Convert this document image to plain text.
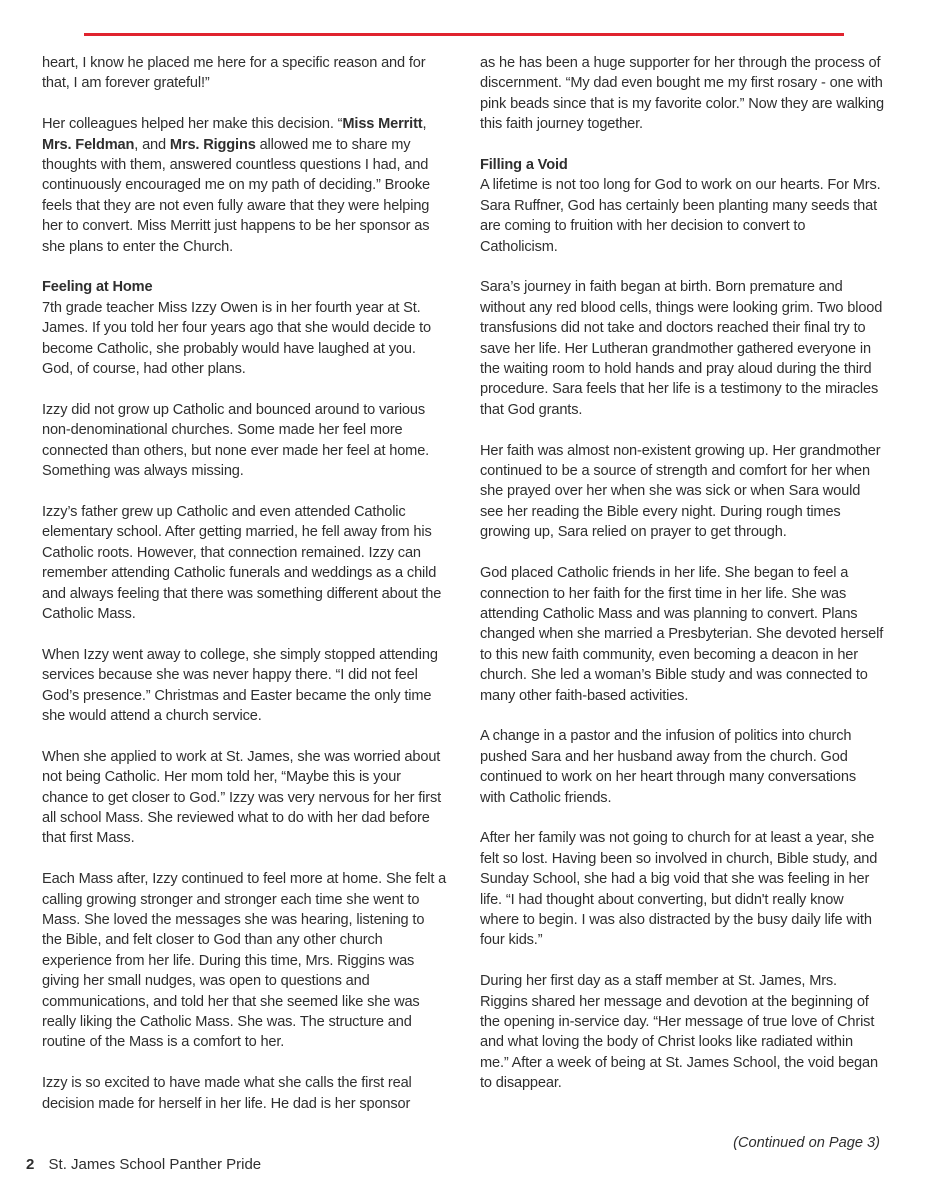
heart, I know he placed me here for a specific reason and for that, I am forever grateful!”

Her colleagues helped her make this decision. “Miss Merritt, Mrs. Feldman, and Mrs. Riggins allowed me to share my thoughts with them, answered countless questions I had, and continuously encouraged me on my path of deciding.” Brooke feels that they are not even fully aware that they were helping her to convert. Miss Merritt just happens to be her sponsor as she plans to enter the Church.

Feeling at Home

7th grade teacher Miss Izzy Owen is in her fourth year at St. James. If you told her four years ago that she would decide to become Catholic, she probably would have laughed at you. God, of course, had other plans.

Izzy did not grow up Catholic and bounced around to various non-denominational churches. Some made her feel more connected than others, but none ever made her feel at home. Something was always missing.

Izzy’s father grew up Catholic and even attended Catholic elementary school. After getting married, he fell away from his Catholic roots. However, that connection remained. Izzy can remember attending Catholic funerals and weddings as a child and always feeling that there was something different about the Catholic Mass.

When Izzy went away to college, she simply stopped attending services because she was never happy there. “I did not feel God’s presence.” Christmas and Easter became the only time she would attend a church service.

When she applied to work at St. James, she was worried about not being Catholic. Her mom told her, “Maybe this is your chance to get closer to God.” Izzy was very nervous for her first all school Mass. She reviewed what to do with her dad before that first Mass.

Each Mass after, Izzy continued to feel more at home. She felt a calling growing stronger and stronger each time she went to Mass. She loved the messages she was hearing, listening to the Bible, and felt closer to God than any other church experience from her life. During this time, Mrs. Riggins was giving her small nudges, was open to questions and communications, and told her that she seemed like she was really liking the Catholic Mass. She was. The structure and routine of the Mass is a comfort to her.

Izzy is so excited to have made what she calls the first real decision made for herself in her life. He dad is her sponsor

as he has been a huge supporter for her through the process of discernment. “My dad even bought me my first rosary - one with pink beads since that is my favorite color.” Now they are walking this faith journey together.

Filling a Void

A lifetime is not too long for God to work on our hearts. For Mrs. Sara Ruffner, God has certainly been planting many seeds that are coming to fruition with her decision to convert to Catholicism.

Sara’s journey in faith began at birth. Born premature and without any red blood cells, things were looking grim. Two blood transfusions did not take and doctors reached their final try to save her life. Her Lutheran grandmother gathered everyone in the waiting room to hold hands and pray aloud during the third procedure. Sara feels that her life is a testimony to the miracles that God grants.

Her faith was almost non-existent growing up. Her grandmother continued to be a source of strength and comfort for her when she prayed over her when she was sick or when Sara would see her reading the Bible every night. During rough times growing up, Sara relied on prayer to get through.

God placed Catholic friends in her life. She began to feel a connection to her faith for the first time in her life. She was attending Catholic Mass and was planning to convert. Plans changed when she married a Presbyterian. She devoted herself to this new faith community, even becoming a deacon in her church. She led a woman’s Bible study and was connected to many other faith-based activities.

A change in a pastor and the infusion of politics into church pushed Sara and her husband away from the church. God continued to work on her heart through many conversations with Catholic friends.

After her family was not going to church for at least a year, she felt so lost. Having been so involved in church, Bible study, and Sunday School, she had a big void that she was feeling in her life. “I had thought about converting, but didn't really know where to begin. I was also distracted by the busy daily life with four kids.”

During her first day as a staff member at St. James, Mrs. Riggins shared her message and devotion at the beginning of the opening in-service day. “Her message of true love of Christ and what loving the body of Christ looks like radiated within me.” After a week of being at St. James School, the void began to disappear.

(Continued on Page 3)
2 St. James School Panther Pride
